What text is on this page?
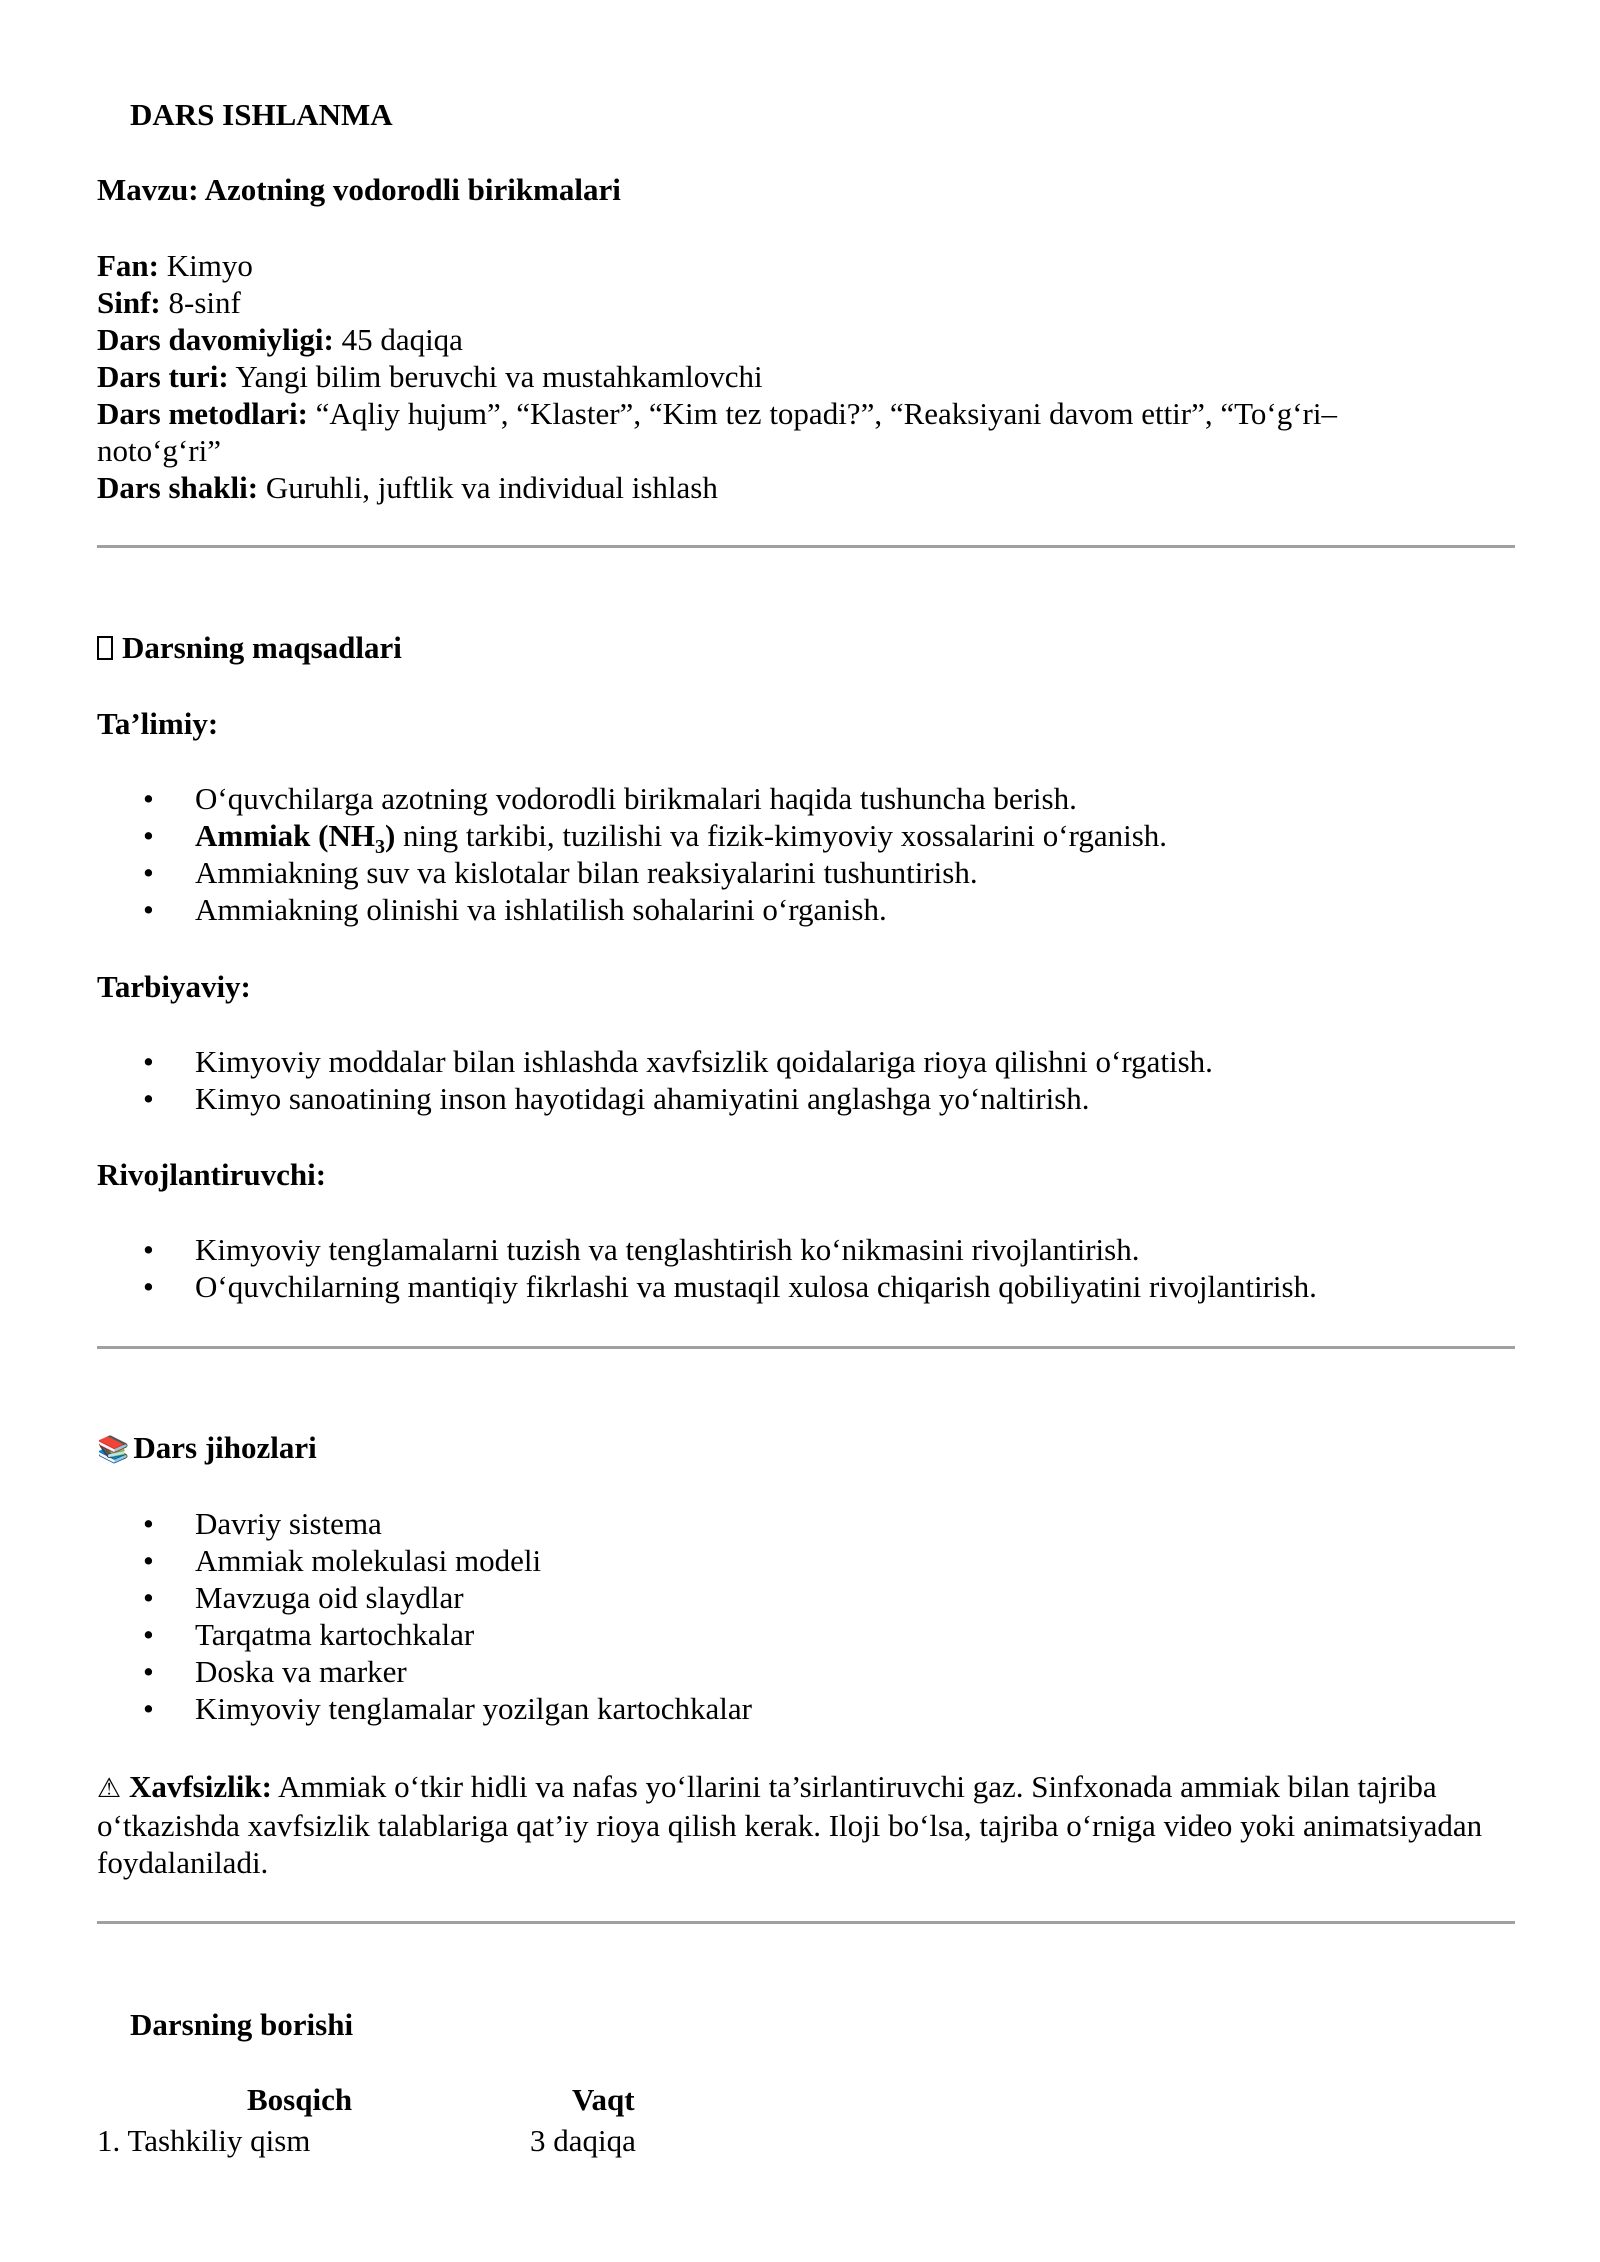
DARS ISHLANMA
Mavzu: Azotning vodorodli birikmalari
Fan: Kimyo
Sinf: 8-sinf
Dars davomiyligi: 45 daqiqa
Dars turi: Yangi bilim beruvchi va mustahkamlovchi
Dars metodlari: “Aqliy hujum”, “Klaster”, “Kim tez topadi?”, “Reaksiyani davom ettir”, “To‘g‘ri–noto‘g‘ri”
Dars shakli: Guruhli, juftlik va individual ishlash
Darsning maqsadlari
Ta’limiy:
• O‘quvchilarga azotning vodorodli birikmalari haqida tushuncha berish.
• Ammiak $(NH_3)$ ning tarkibi, tuzilishi va fizik-kimyoviy xossalarini o‘rganish.
• Ammiakning suv va kislotalar bilan reaksiyalarini tushuntirish.
• Ammiakning olinishi va ishlatilish sohalarini o‘rganish.
Tarbiyaviy:
• Kimyoviy moddalar bilan ishlashda xavfsizlik qoidalariga rioya qilishni o‘rgatish.
• Kimyo sanoatining inson hayotidagi ahamiyatini anglashga yo‘naltirish.
Rivojlantiruvchi:
• Kimyoviy tenglamalarni tuzish va tenglashtirish ko‘nikmasini rivojlantirish.
• O‘quvchilarning mantiqiy fikrlashi va mustaqil xulosa chiqarish qobiliyatini rivojlantirish.
📚 Dars jihozlari
• Davriy sistema
• Ammiak molekulasi modeli
• Mavzuga oid slaydlar
• Tarqatma kartochkalar
• Doska va marker
• Kimyoviy tenglamalar yozilgan kartochkalar
⚠ Xavfsizlik: Ammiak o‘tkir hidli va nafas yo‘llarini ta’sirlantiruvchi gaz. Sinfxonada ammiak bilan tajriba o‘tkazishda xavfsizlik talablariga qat’iy rioya qilish kerak. Iloji bo‘lsa, tajriba o‘rniga video yoki animatsiyadan foydalaniladi.
Darsning borishi
Bosqich	Vaqt
1. Tashkiliy qism	3 daqiqa
